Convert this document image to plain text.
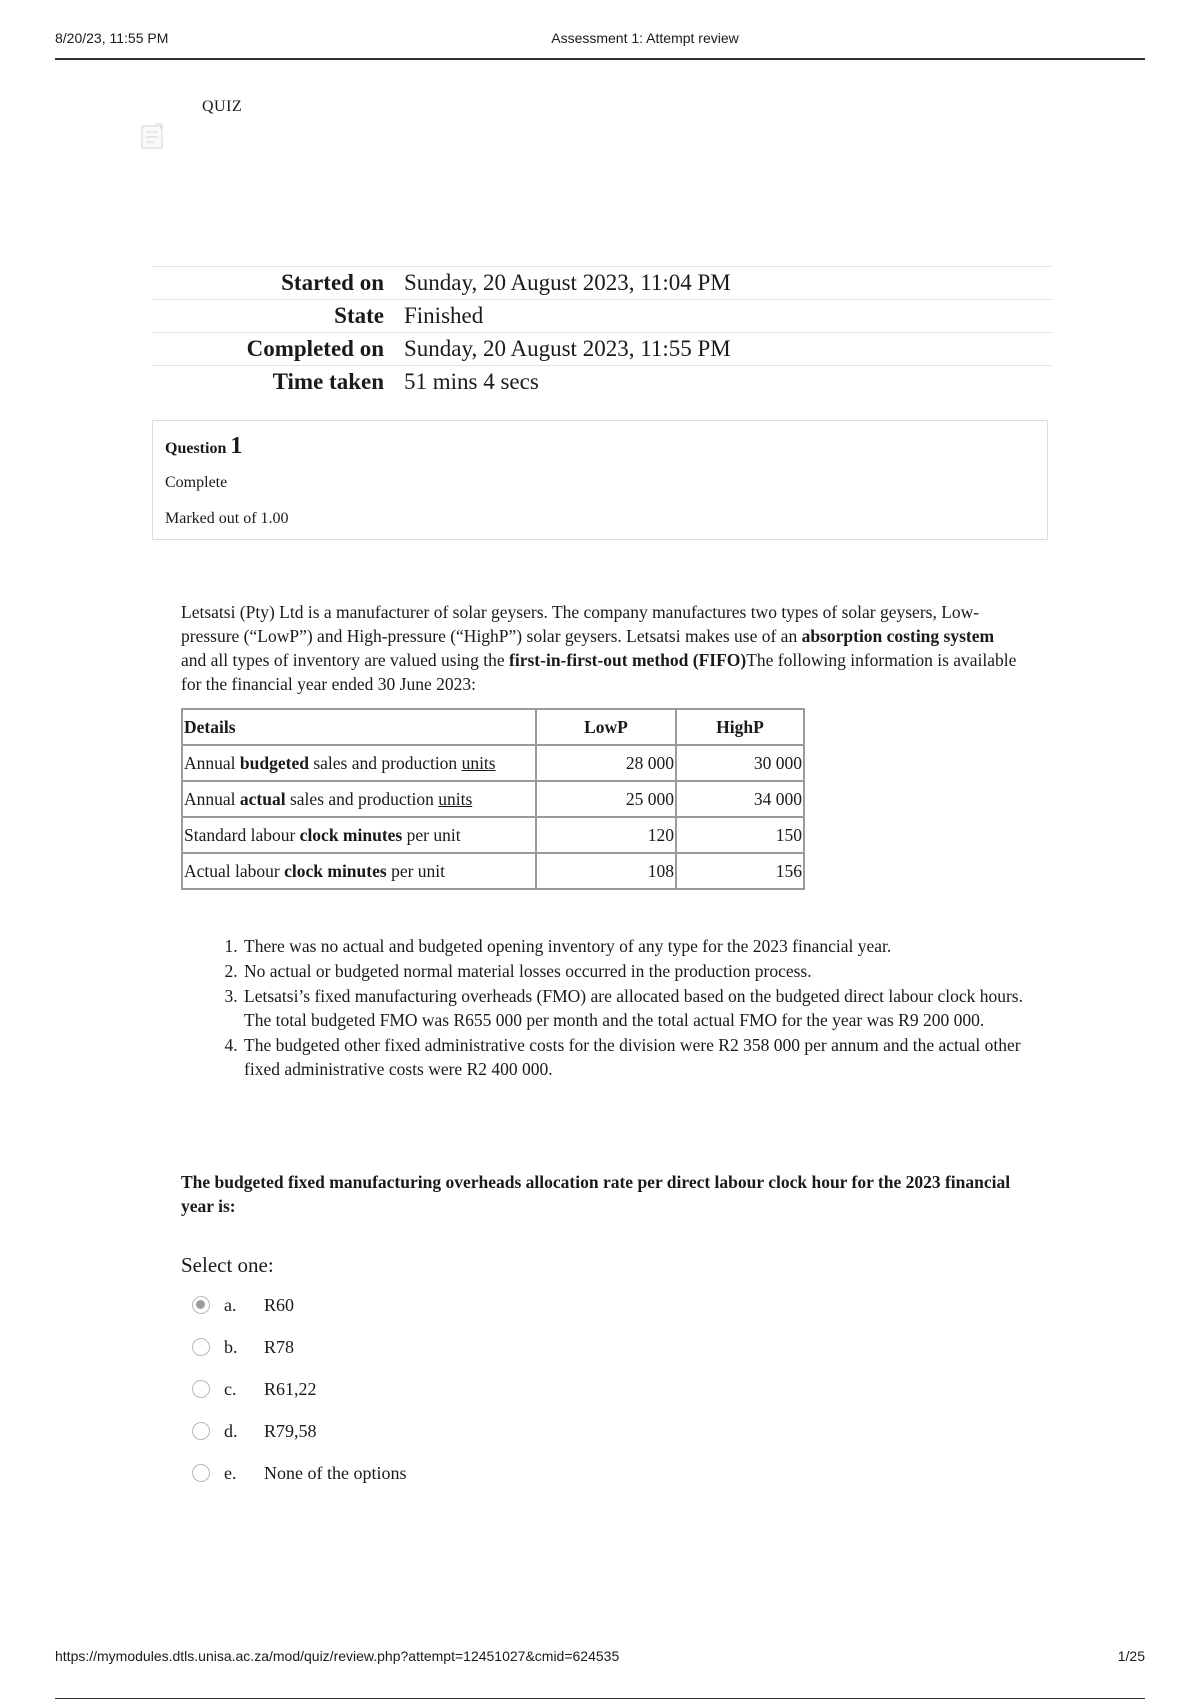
8/20/23, 11:55 PM	Assessment 1: Attempt review
QUIZ
Started on	Sunday, 20 August 2023, 11:04 PM
State	Finished
Completed on	Sunday, 20 August 2023, 11:55 PM
Time taken	51 mins 4 secs
Question 1
Complete
Marked out of 1.00

Letsatsi (Pty) Ltd is a manufacturer of solar geysers. The company manufactures two types of solar geysers, Low-pressure (“LowP”) and High-pressure (“HighP”) solar geysers. Letsatsi makes use of an absorption costing system and all types of inventory are valued using the first-in-first-out method (FIFO)The following information is available for the financial year ended 30 June 2023:

Details	LowP	HighP
Annual budgeted sales and production units	28 000	30 000
Annual actual sales and production units	25 000	34 000
Standard labour clock minutes per unit	120	150
Actual labour clock minutes per unit	108	156
1. There was no actual and budgeted opening inventory of any type for the 2023 financial year.
2. No actual or budgeted normal material losses occurred in the production process.
3. Letsatsi’s fixed manufacturing overheads (FMO) are allocated based on the budgeted direct labour clock hours. The total budgeted FMO was R655 000 per month and the total actual FMO for the year was R9 200 000.
4. The budgeted other fixed administrative costs for the division were R2 358 000 per annum and the actual other fixed administrative costs were R2 400 000.
The budgeted fixed manufacturing overheads allocation rate per direct labour clock hour for the 2023 financial year is:
Select one:
a.	R60
b.	R78
c.	R61,22
d.	R79,58
e.	None of the options
https://mymodules.dtls.unisa.ac.za/mod/quiz/review.php?attempt=12451027&cmid=624535	1/25
